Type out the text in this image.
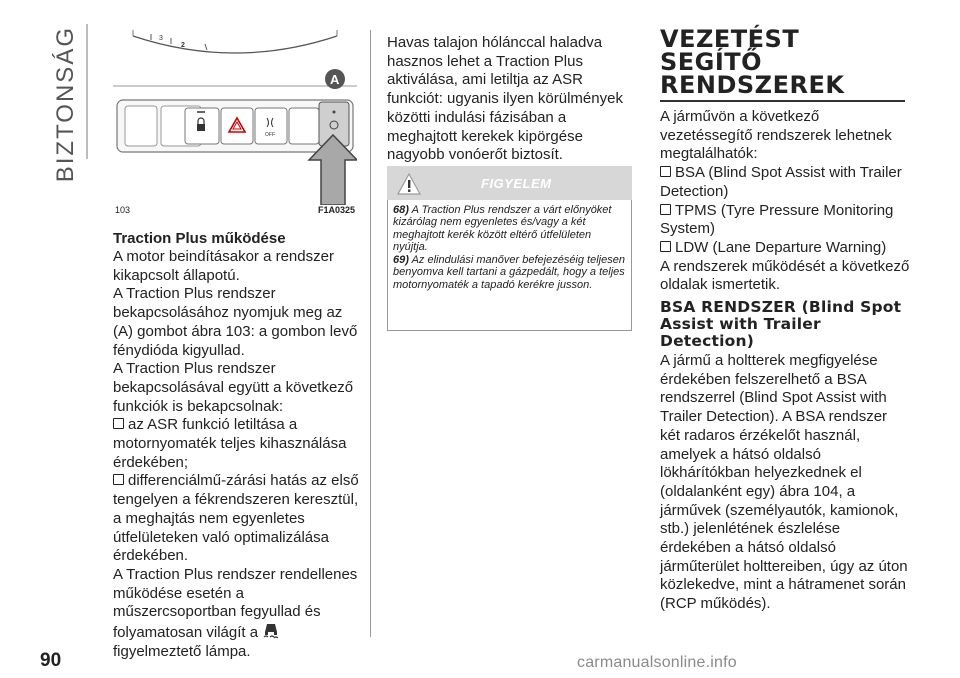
BIZTONSÁG	3
2
OFF
A
103	F1A0325
Traction Plus működése

A motor beindításakor a rendszer kikapcsolt állapotú.

A Traction Plus rendszer bekapcsolásához nyomjuk meg az (A) gombot ábra 103: a gombon levő fénydióda kigyullad.

A Traction Plus rendszer bekapcsolásával együtt a következő funkciók is bekapcsolnak:

az ASR funkció letiltása a motornyomaték teljes kihasználása érdekében;

differenciálmű-zárási hatás az első tengelyen a fékrendszeren keresztül, a meghajtás nem egyenletes útfelületeken való optimalizálása érdekében.

A Traction Plus rendszer rendellenes működése esetén a műszercsoportban fegyullad és folyamatosan világít a
figyelmeztető lámpa.

Havas talajon hólánccal haladva hasznos lehet a Traction Plus aktiválása, ami letiltja az ASR funkciót: ugyanis ilyen körülmények közötti indulási fázisában a meghajtott kerekek kipörgése nagyobb vonóerőt biztosít.

FIGYELEM

68) A Traction Plus rendszer a várt előnyöket kizárólag nem egyenletes és/vagy a két meghajtott kerék között eltérő útfelületen nyújtja.

69) Az elindulási manőver befejezéséig teljesen benyomva kell tartani a gázpedált, hogy a teljes motornyomaték a tapadó kerékre jusson.

VEZETÉST SEGÍTŐ RENDSZEREK

A járművön a következő vezetéssegítő rendszerek lehetnek megtalálhatók:

BSA (Blind Spot Assist with Trailer Detection)

TPMS (Tyre Pressure Monitoring System)

LDW (Lane Departure Warning)

A rendszerek működését a következő oldalak ismertetik.

BSA RENDSZER (Blind Spot Assist with Trailer Detection)

A jármű a holtterek megfigyelése érdekében felszerelhető a BSA rendszerrel (Blind Spot Assist with Trailer Detection). A BSA rendszer két radaros érzékelőt használ, amelyek a hátsó oldalsó lökhárítókban helyezkednek el (oldalanként egy) ábra 104, a járművek (személyautók, kamionok, stb.) jelenlétének észlelése érdekében a hátsó oldalsó járműterület holttereiben, úgy az úton közlekedve, mint a hátramenet során (RCP működés).

90	carmanualsonline.info
